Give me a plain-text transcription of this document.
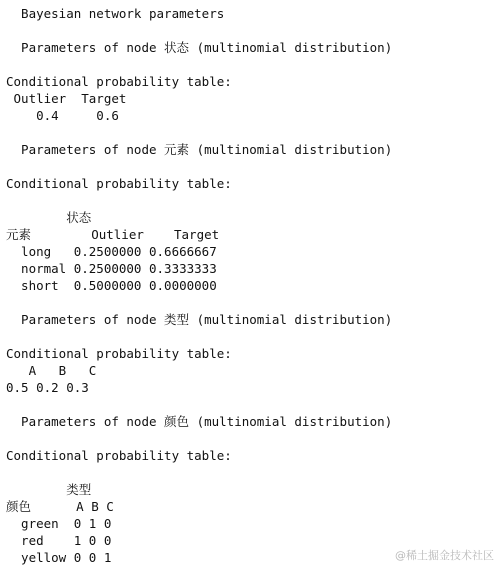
Bayesian network parameters
Parameters of node 状态 (multinomial distribution)
Conditional probability table:
Outlier  Target
0.4     0.6
Parameters of node 元素 (multinomial distribution)
Conditional probability table:
状态
元素        Outlier    Target
long   0.2500000 0.6666667
normal 0.2500000 0.3333333
short  0.5000000 0.0000000
Parameters of node 类型 (multinomial distribution)
Conditional probability table:
A   B   C
0.5 0.2 0.3
Parameters of node 颜色 (multinomial distribution)
Conditional probability table:
类型
颜色      A B C
green  0 1 0
red    1 0 0
yellow 0 0 1	@稀土掘金技术社区
